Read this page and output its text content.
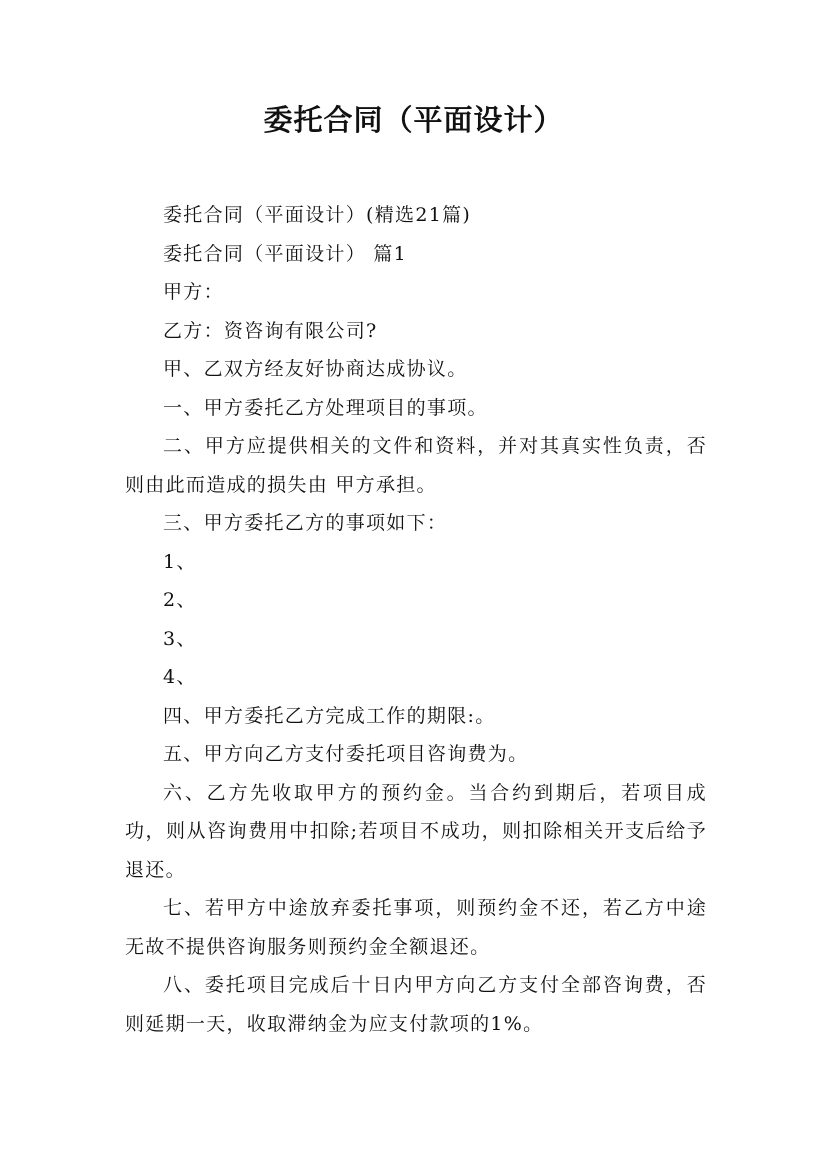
委托合同（平面设计）

委托合同（平面设计）(精选21篇)

委托合同（平面设计） 篇1

甲方：

乙方：资咨询有限公司?

甲、乙双方经友好协商达成协议。

一、甲方委托乙方处理项目的事项。

二、甲方应提供相关的文件和资料，并对其真实性负责，否则由此而造成的损失由 甲方承担。

三、甲方委托乙方的事项如下：

1、

2、

3、

4、

四、甲方委托乙方完成工作的期限:。

五、甲方向乙方支付委托项目咨询费为。

六、乙方先收取甲方的预约金。当合约到期后，若项目成功，则从咨询费用中扣除;若项目不成功，则扣除相关开支后给予退还。

七、若甲方中途放弃委托事项，则预约金不还，若乙方中途无故不提供咨询服务则预约金全额退还。

八、委托项目完成后十日内甲方向乙方支付全部咨询费，否则延期一天，收取滞纳金为应支付款项的1%。
